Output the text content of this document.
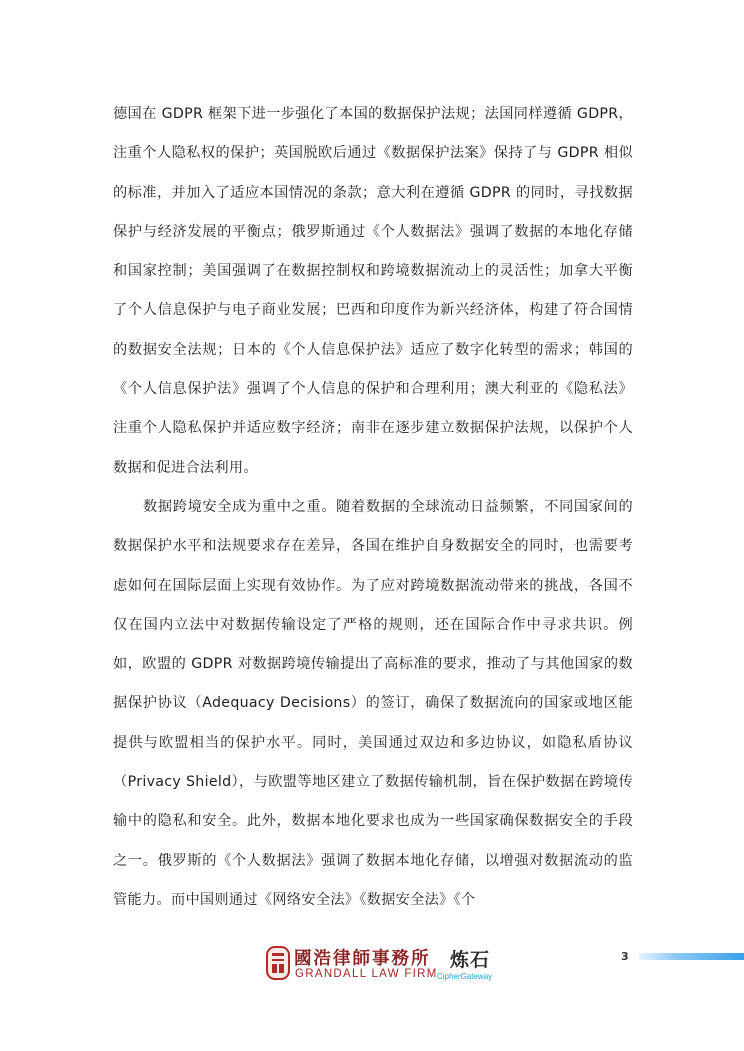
德国在 GDPR 框架下进一步强化了本国的数据保护法规；法国同样遵循 GDPR，注重个人隐私权的保护；英国脱欧后通过《数据保护法案》保持了与 GDPR 相似的标准，并加入了适应本国情况的条款；意大利在遵循 GDPR 的同时，寻找数据保护与经济发展的平衡点；俄罗斯通过《个人数据法》强调了数据的本地化存储和国家控制；美国强调了在数据控制权和跨境数据流动上的灵活性；加拿大平衡了个人信息保护与电子商业发展；巴西和印度作为新兴经济体，构建了符合国情的数据安全法规；日本的《个人信息保护法》适应了数字化转型的需求；韩国的《个人信息保护法》强调了个人信息的保护和合理利用；澳大利亚的《隐私法》注重个人隐私保护并适应数字经济；南非在逐步建立数据保护法规，以保护个人数据和促进合法利用。

数据跨境安全成为重中之重。随着数据的全球流动日益频繁，不同国家间的数据保护水平和法规要求存在差异，各国在维护自身数据安全的同时，也需要考虑如何在国际层面上实现有效协作。为了应对跨境数据流动带来的挑战，各国不仅在国内立法中对数据传输设定了严格的规则，还在国际合作中寻求共识。例如，欧盟的 GDPR 对数据跨境传输提出了高标准的要求，推动了与其他国家的数据保护协议（Adequacy Decisions）的签订，确保了数据流向的国家或地区能提供与欧盟相当的保护水平。同时，美国通过双边和多边协议，如隐私盾协议（Privacy Shield），与欧盟等地区建立了数据传输机制，旨在保护数据在跨境传输中的隐私和安全。此外，数据本地化要求也成为一些国家确保数据安全的手段之一。俄罗斯的《个人数据法》强调了数据本地化存储，以增强对数据流动的监管能力。而中国则通过《网络安全法》《数据安全法》《个

國浩律師事務所
GRANDALL LAW FIRM
炼石
CipherGateway
3
